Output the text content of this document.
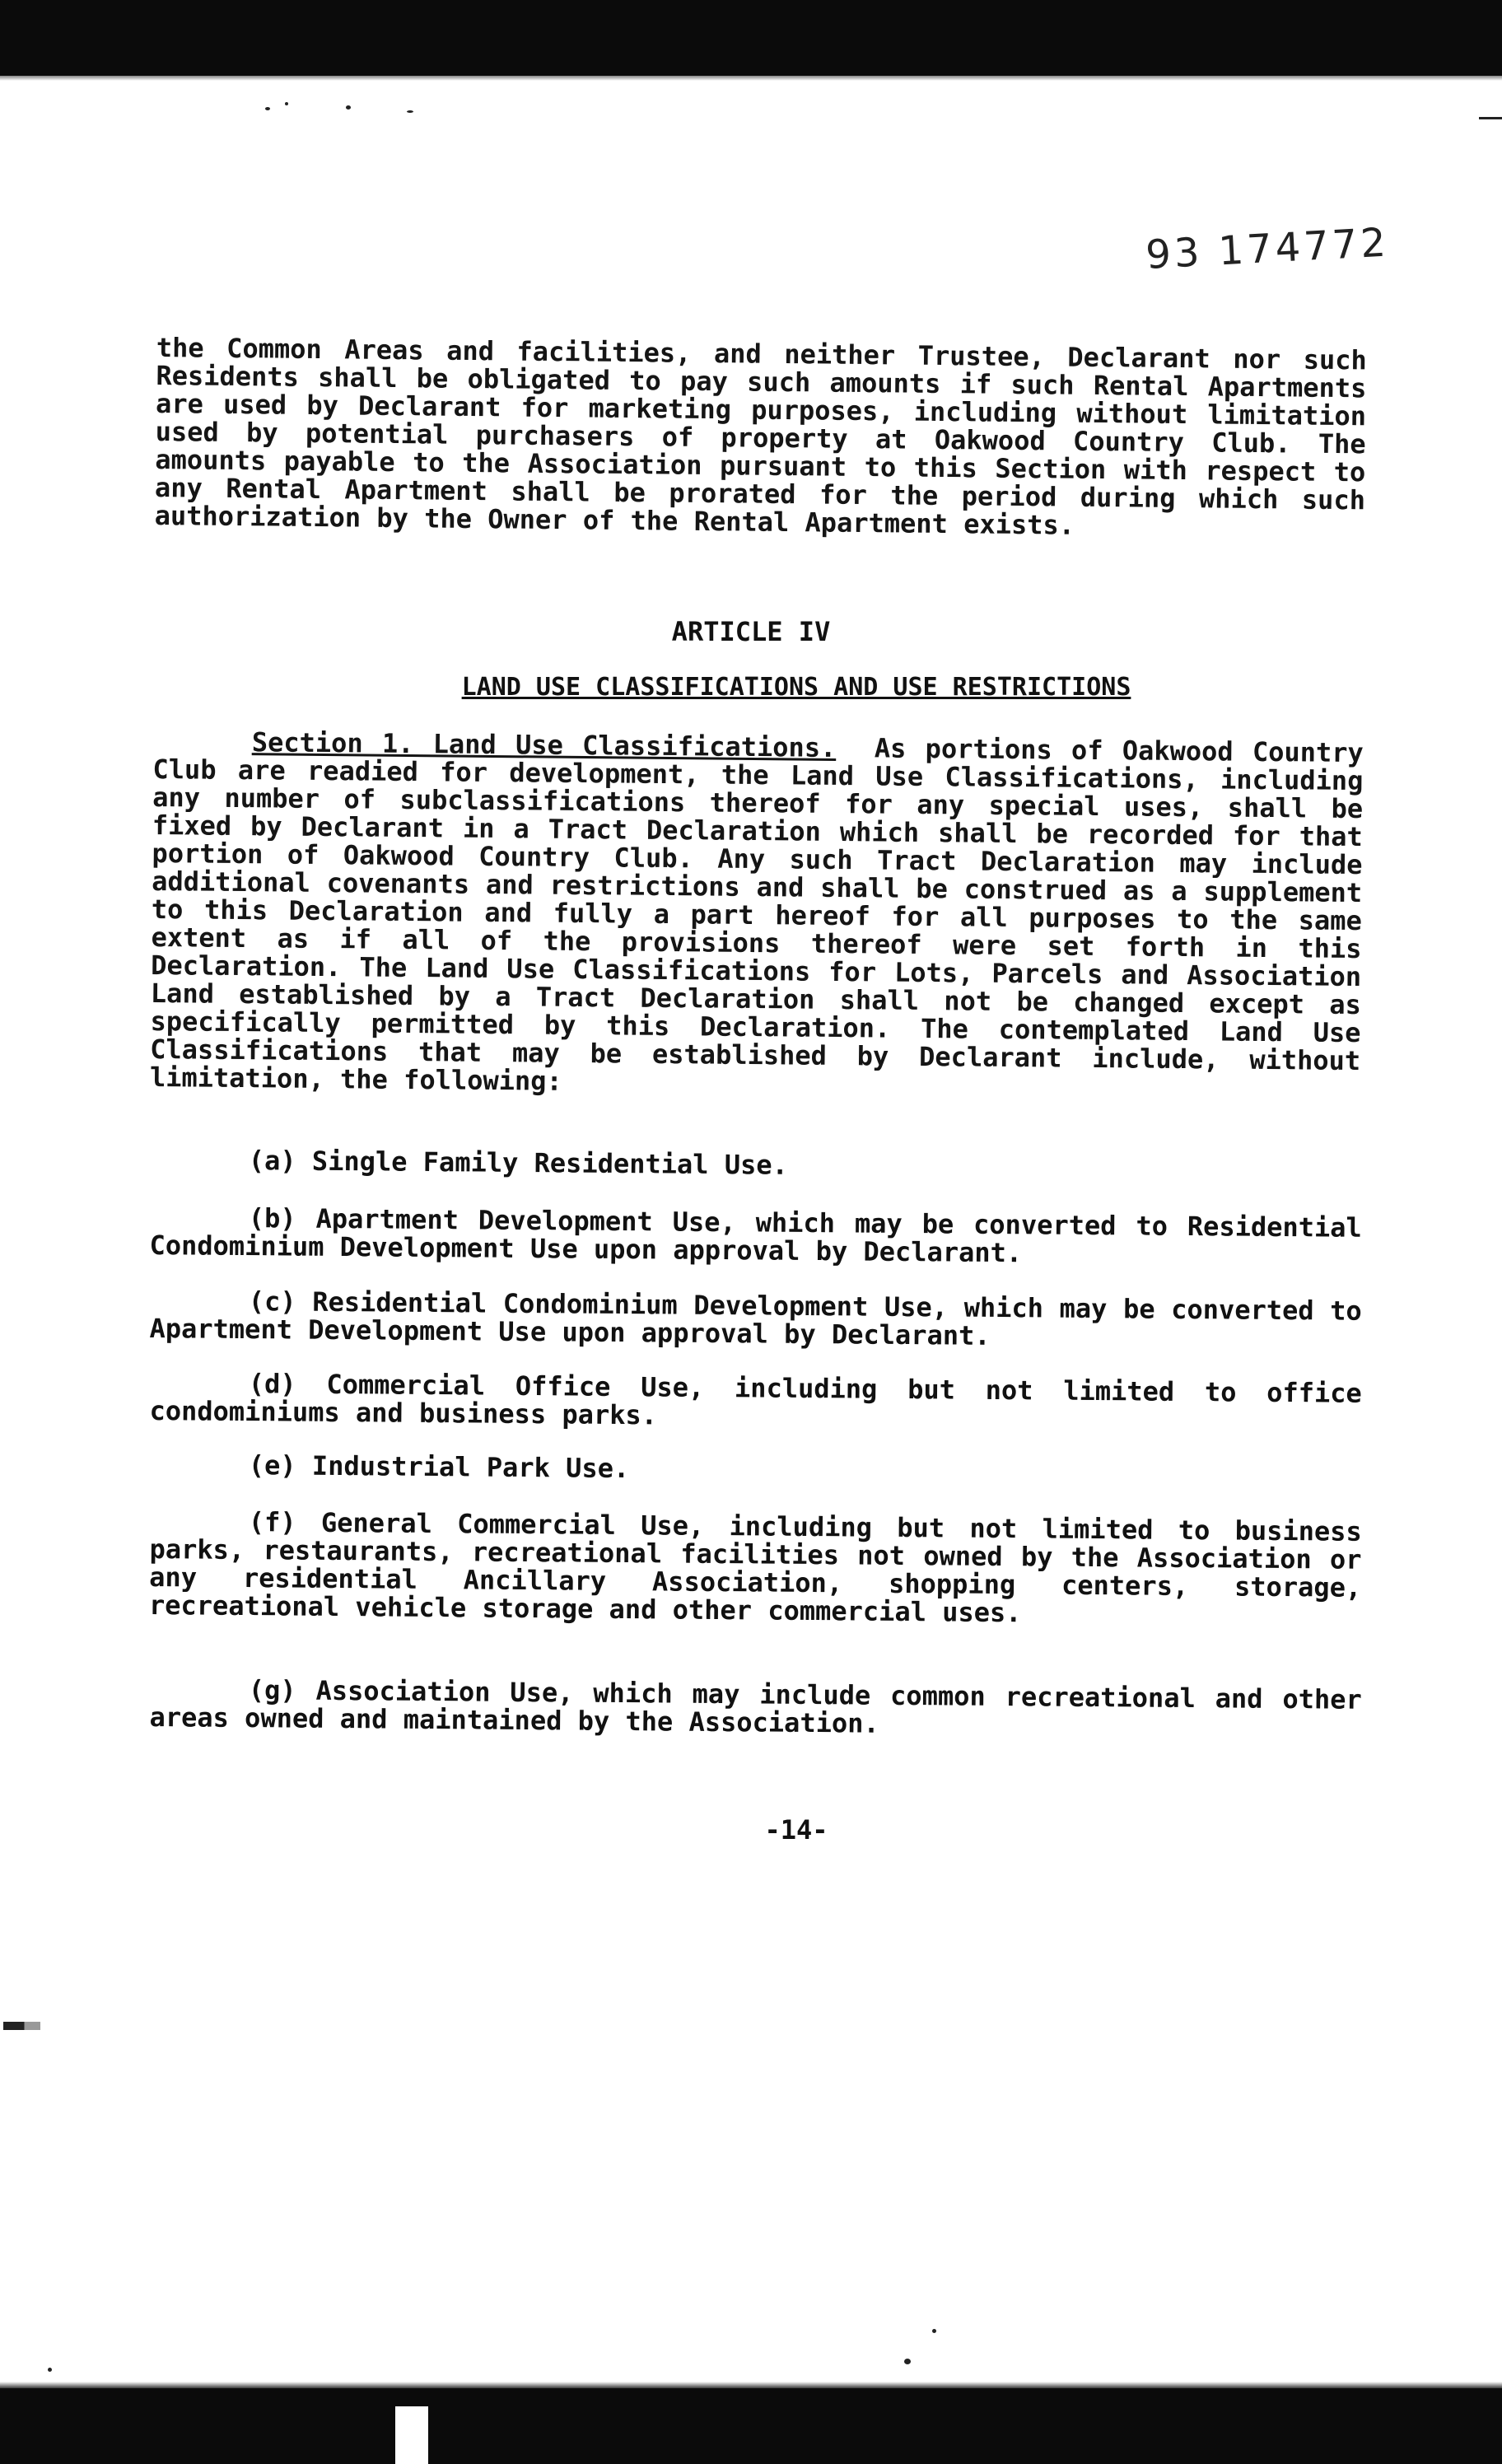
93 174772
the Common Areas and facilities, and neither Trustee, Declarant nor such Residents shall be obligated to pay such amounts if such Rental Apartments are used by Declarant for marketing purposes, including without limitation used by potential purchasers of property at Oakwood Country Club. The amounts payable to the Association pursuant to this Section with respect to any Rental Apartment shall be prorated for the period during which such authorization by the Owner of the Rental Apartment exists.
ARTICLE IV
LAND USE CLASSIFICATIONS AND USE RESTRICTIONS
Section 1. Land Use Classifications. As portions of Oakwood Country Club are readied for development, the Land Use Classifications, including any number of subclassifications thereof for any special uses, shall be fixed by Declarant in a Tract Declaration which shall be recorded for that portion of Oakwood Country Club. Any such Tract Declaration may include additional covenants and restrictions and shall be construed as a supplement to this Declaration and fully a part hereof for all purposes to the same extent as if all of the provisions thereof were set forth in this Declaration. The Land Use Classifications for Lots, Parcels and Association Land established by a Tract Declaration shall not be changed except as specifically permitted by this Declaration. The contemplated Land Use Classifications that may be established by Declarant include, without limitation, the following:

(a) Single Family Residential Use.

(b) Apartment Development Use, which may be converted to Residential Condominium Development Use upon approval by Declarant.

(c) Residential Condominium Development Use, which may be converted to Apartment Development Use upon approval by Declarant.

(d) Commercial Office Use, including but not limited to office condominiums and business parks.

(e) Industrial Park Use.

(f) General Commercial Use, including but not limited to business parks, restaurants, recreational facilities not owned by the Association or any residential Ancillary Association, shopping centers, storage, recreational vehicle storage and other commercial uses.

(g) Association Use, which may include common recreational and other areas owned and maintained by the Association.

-14-
